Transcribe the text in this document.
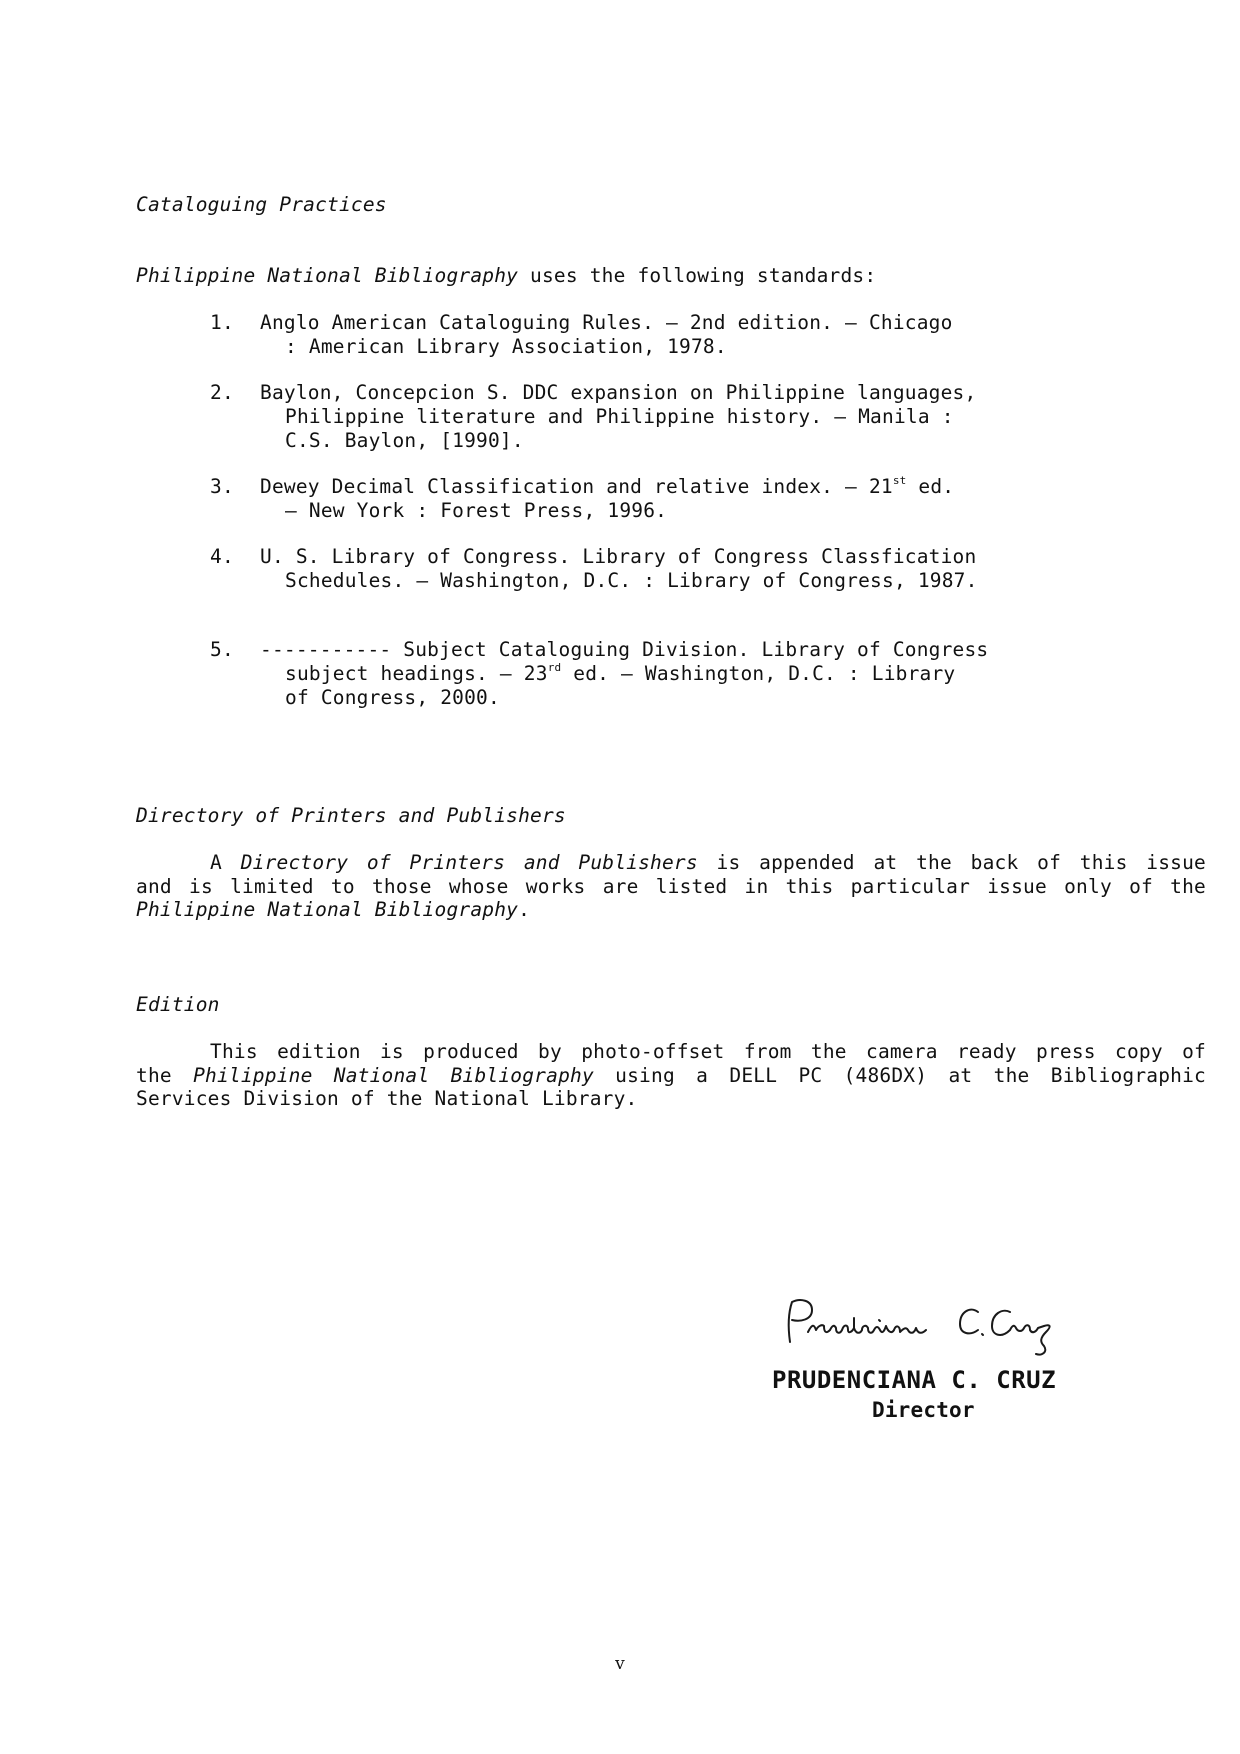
Cataloguing Practices
Philippine National Bibliography uses the following standards:
1. Anglo American Cataloguing Rules. – 2nd edition. – Chicago
: American Library Association, 1978.
2. Baylon, Concepcion S. DDC expansion on Philippine languages,
Philippine literature and Philippine history. – Manila :
C.S. Baylon, [1990].
3. Dewey Decimal Classification and relative index. – 21st ed.
– New York : Forest Press, 1996.
4. U. S. Library of Congress. Library of Congress Classfication
Schedules. – Washington, D.C. : Library of Congress, 1987.
5. ----------- Subject Cataloguing Division. Library of Congress
subject headings. – 23rd ed. – Washington, D.C. : Library
of Congress, 2000.
Directory of Printers and Publishers
A Directory of Printers and Publishers is appended at the back of this issue
and is limited to those whose works are listed in this particular issue only of the
Philippine National Bibliography.
Edition
This edition is produced by photo-offset from the camera ready press copy of
the Philippine National Bibliography using a DELL PC (486DX) at the Bibliographic
Services Division of the National Library.
PRUDENCIANA C. CRUZ
Director
v
